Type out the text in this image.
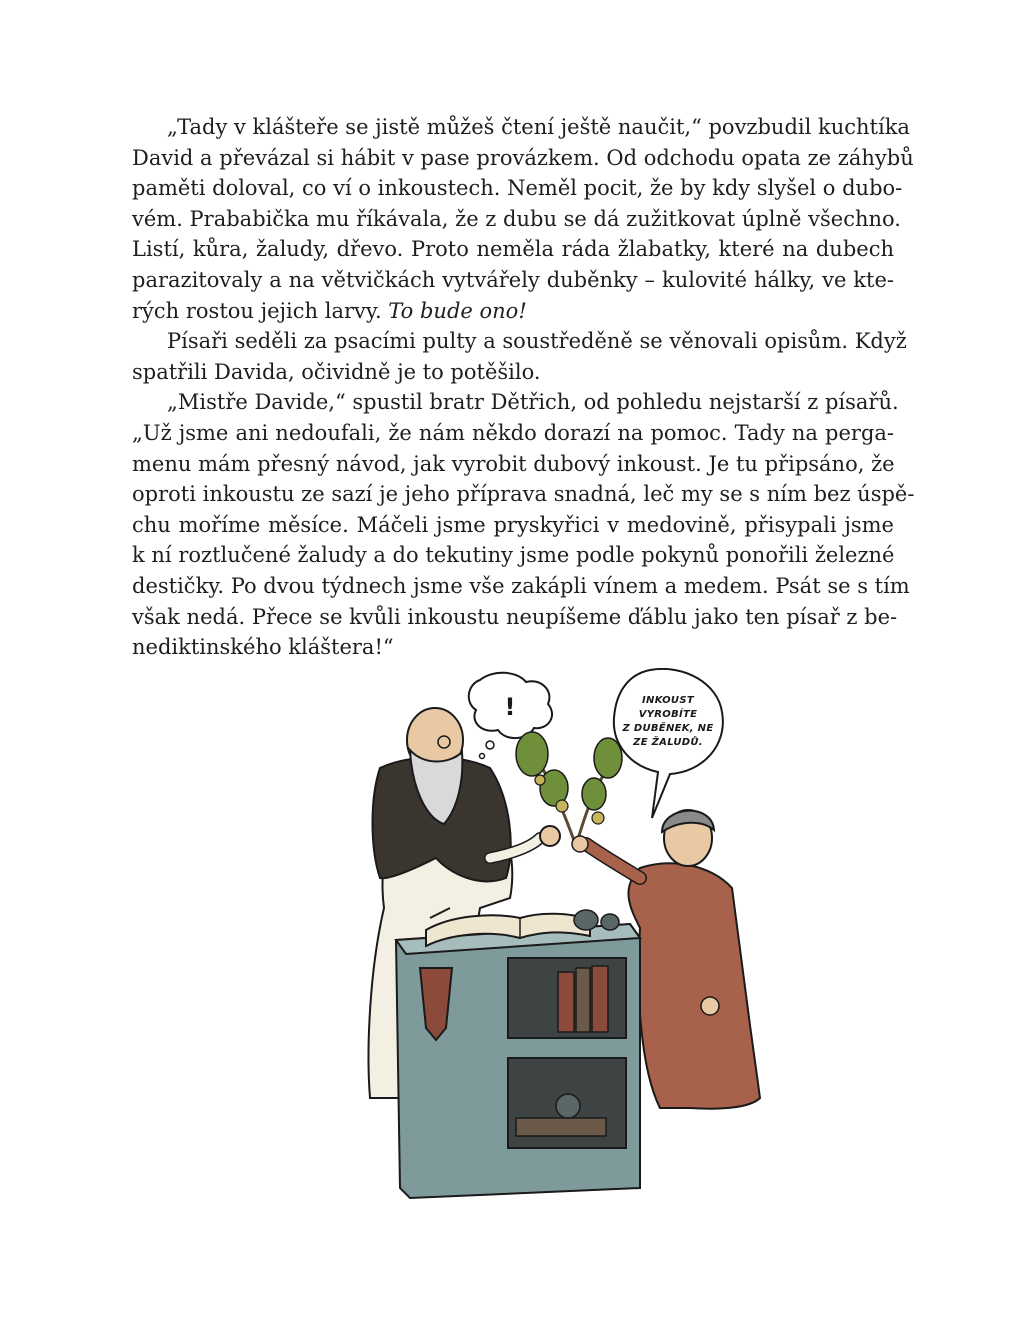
„Tady v klášteře se jistě můžeš čtení ještě naučit,“ povzbudil kuchtíka
David a převázal si hábit v pase provázkem. Od odchodu opata ze záhybů
paměti doloval, co ví o inkoustech. Neměl pocit, že by kdy slyšel o dubo-
vém. Prababička mu říkávala, že z dubu se dá zužitkovat úplně všechno.
Listí, kůra, žaludy, dřevo. Proto neměla ráda žlabatky, které na dubech
parazitovaly a na větvičkách vytvářely duběnky – kulovité hálky, ve kte-
rých rostou jejich larvy. To bude ono!
Písaři seděli za psacími pulty a soustředěně se věnovali opisům. Když
spatřili Davida, očividně je to potěšilo.
„Mistře Davide,“ spustil bratr Dětřich, od pohledu nejstarší z písařů.
„Už jsme ani nedoufali, že nám někdo dorazí na pomoc. Tady na perga-
menu mám přesný návod, jak vyrobit dubový inkoust. Je tu připsáno, že
oproti inkoustu ze sazí je jeho příprava snadná, leč my se s ním bez úspě-
chu moříme měsíce. Máčeli jsme pryskyřici v medovině, přisypali jsme
k ní roztlučené žaludy a do tekutiny jsme podle pokynů ponořili železné
destičky. Po dvou týdnech jsme vše zakápli vínem a medem. Psát se s tím
však nedá. Přece se kvůli inkoustu neupíšeme ďáblu jako ten písař z be-
nediktinského kláštera!“
!	INKOUST
VYROBÍTE
Z DUBĚNEK, NE
ZE ŽALUDŮ.
